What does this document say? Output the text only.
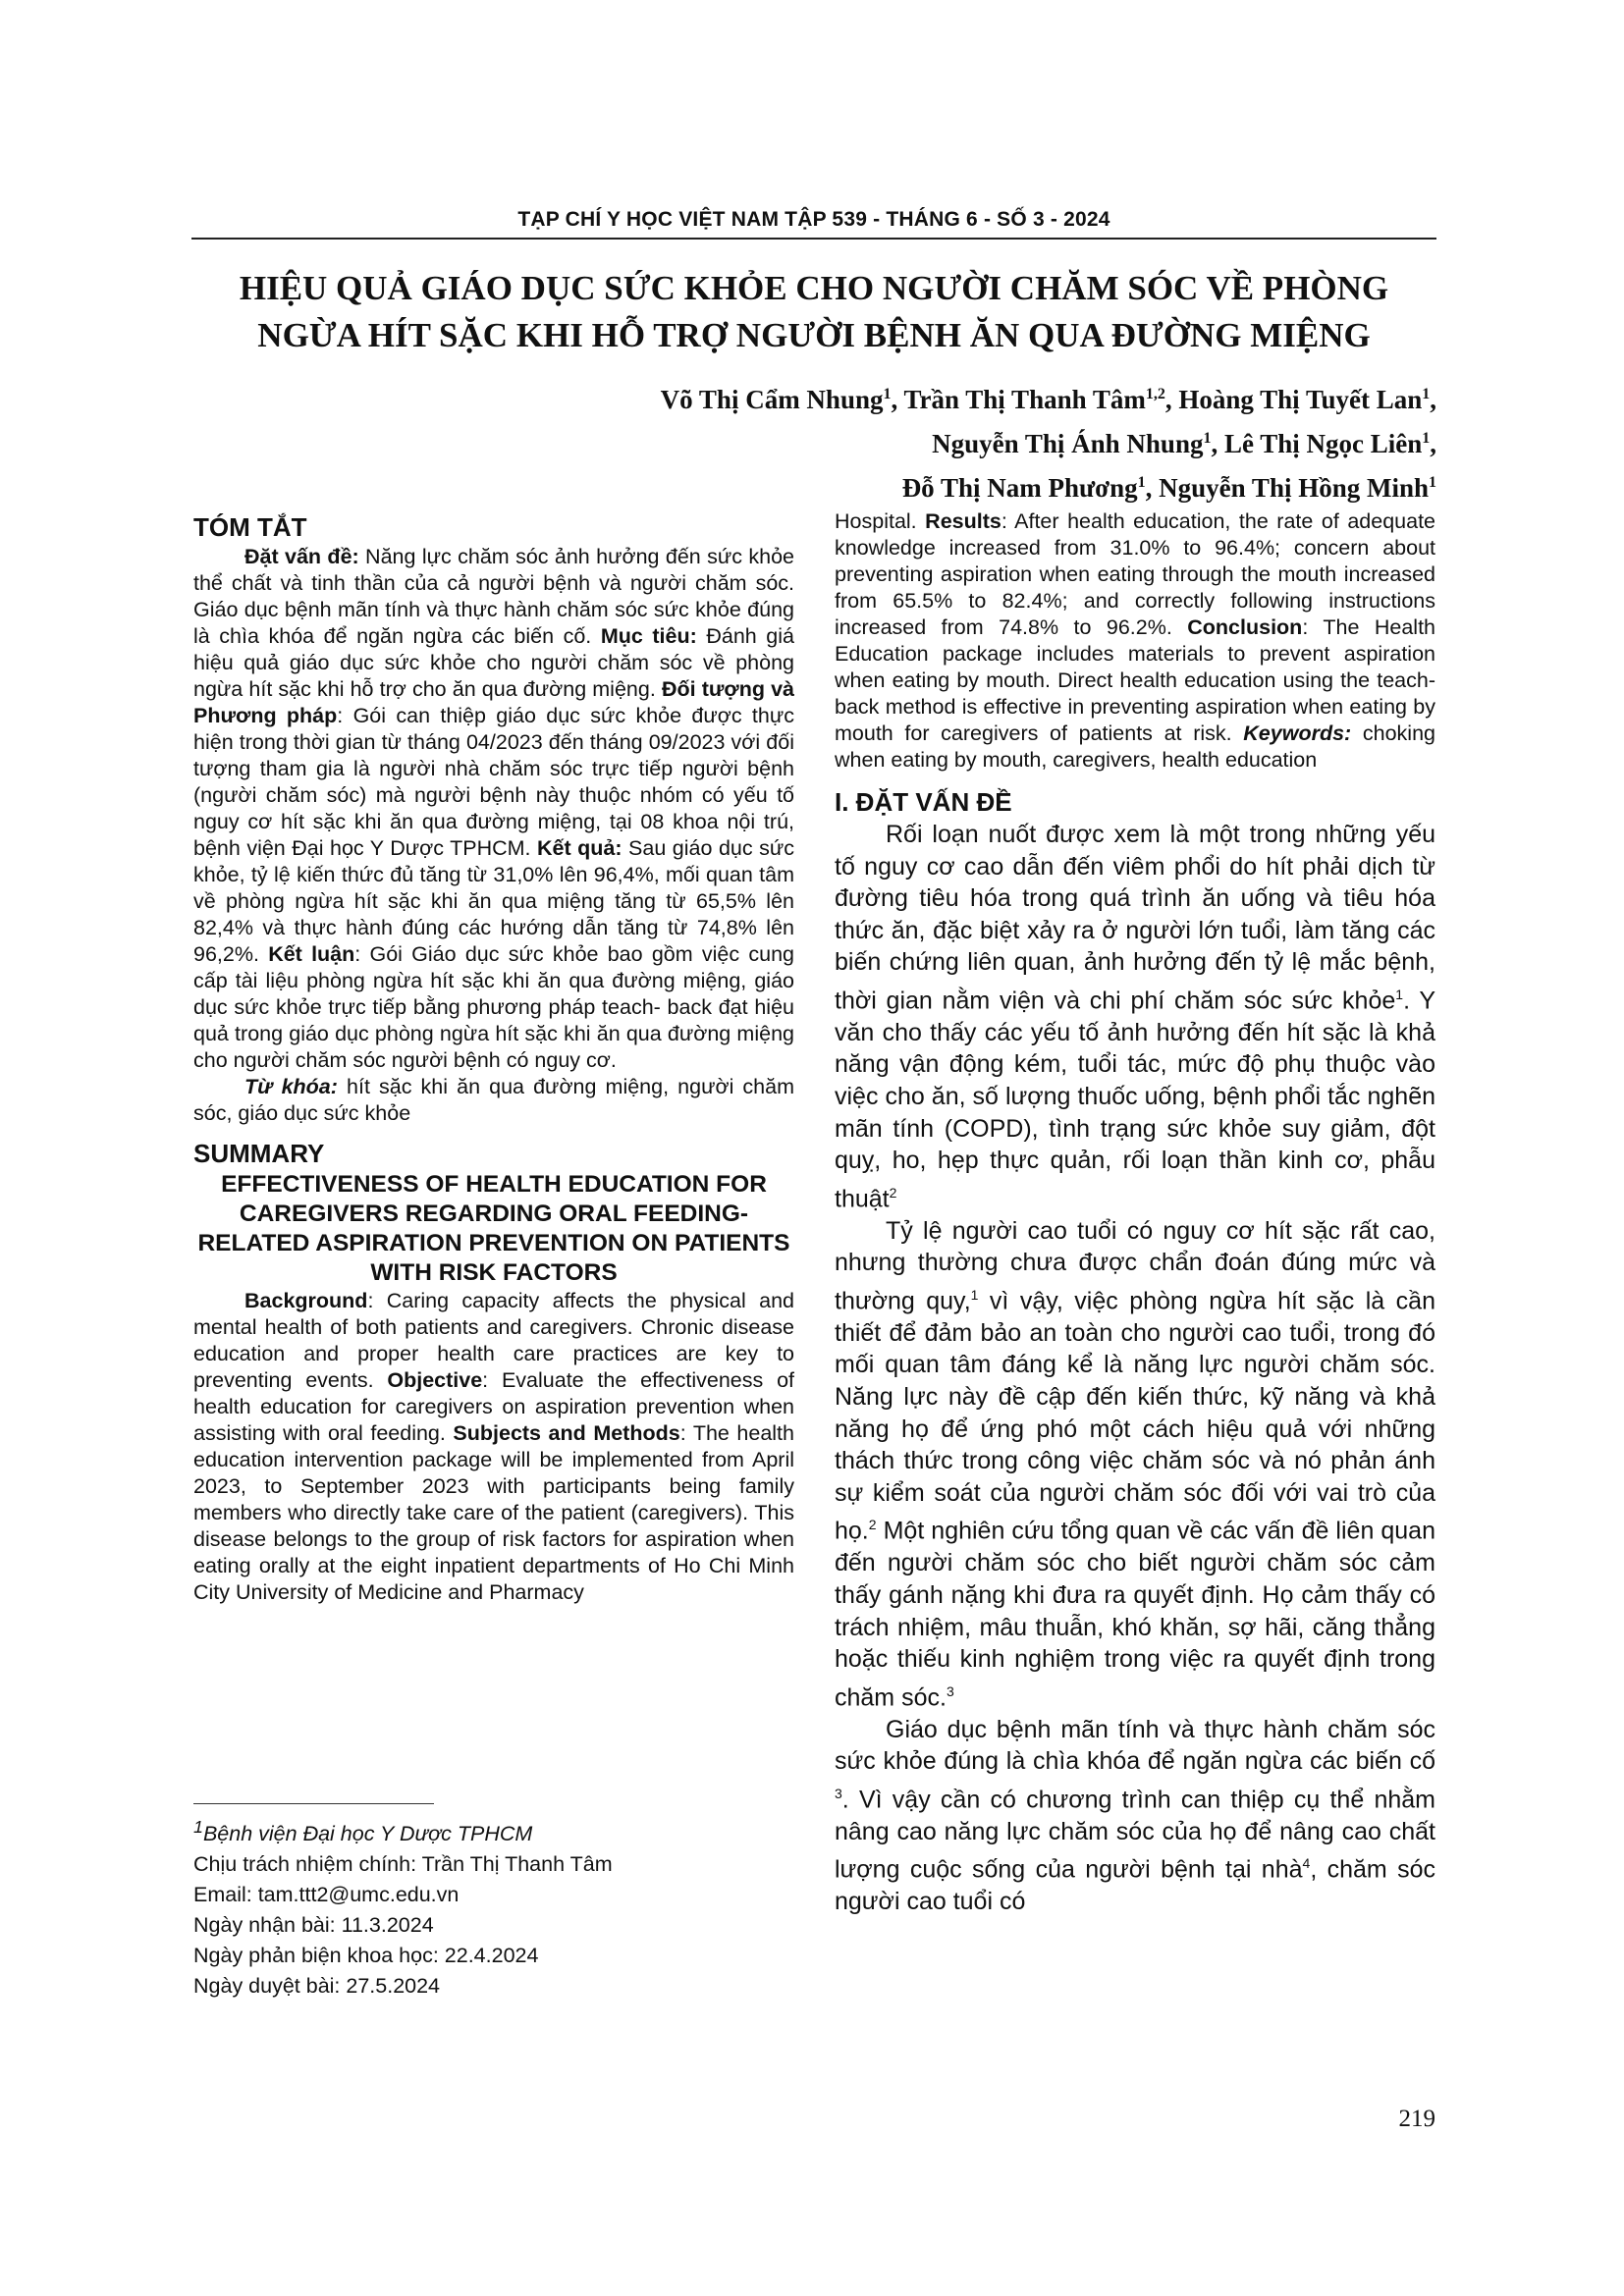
TẠP CHÍ Y HỌC VIỆT NAM TẬP 539 - THÁNG 6 - SỐ 3 - 2024
HIỆU QUẢ GIÁO DỤC SỨC KHỎE CHO NGƯỜI CHĂM SÓC VỀ PHÒNG
NGỪA HÍT SẶC KHI HỖ TRỢ NGƯỜI BỆNH ĂN QUA ĐƯỜNG MIỆNG
Võ Thị Cẩm Nhung$^1$, Trần Thị Thanh Tâm$^{1,2}$, Hoàng Thị Tuyết Lan$^1$,
Nguyễn Thị Ánh Nhung$^1$, Lê Thị Ngọc Liên$^1$,
Đỗ Thị Nam Phương$^1$, Nguyễn Thị Hồng Minh$^1$
TÓM TẮT

Đặt vấn đề: Năng lực chăm sóc ảnh hưởng đến sức khỏe thể chất và tinh thần của cả người bệnh và người chăm sóc. Giáo dục bệnh mãn tính và thực hành chăm sóc sức khỏe đúng là chìa khóa để ngăn ngừa các biến cố. Mục tiêu: Đánh giá hiệu quả giáo dục sức khỏe cho người chăm sóc về phòng ngừa hít sặc khi hỗ trợ cho ăn qua đường miệng. Đối tượng và Phương pháp: Gói can thiệp giáo dục sức khỏe được thực hiện trong thời gian từ tháng 04/2023 đến tháng 09/2023 với đối tượng tham gia là người nhà chăm sóc trực tiếp người bệnh (người chăm sóc) mà người bệnh này thuộc nhóm có yếu tố nguy cơ hít sặc khi ăn qua đường miệng, tại 08 khoa nội trú, bệnh viện Đại học Y Dược TPHCM. Kết quả: Sau giáo dục sức khỏe, tỷ lệ kiến thức đủ tăng từ 31,0% lên 96,4%, mối quan tâm về phòng ngừa hít sặc khi ăn qua miệng tăng từ 65,5% lên 82,4% và thực hành đúng các hướng dẫn tăng từ 74,8% lên 96,2%. Kết luận: Gói Giáo dục sức khỏe bao gồm việc cung cấp tài liệu phòng ngừa hít sặc khi ăn qua đường miệng, giáo dục sức khỏe trực tiếp bằng phương pháp teach- back đạt hiệu quả trong giáo dục phòng ngừa hít sặc khi ăn qua đường miệng cho người chăm sóc người bệnh có nguy cơ.

Từ khóa: hít sặc khi ăn qua đường miệng, người chăm sóc, giáo dục sức khỏe

SUMMARY
EFFECTIVENESS OF HEALTH EDUCATION FOR CAREGIVERS REGARDING ORAL FEEDING-RELATED ASPIRATION PREVENTION ON PATIENTS WITH RISK FACTORS

Background: Caring capacity affects the physical and mental health of both patients and caregivers. Chronic disease education and proper health care practices are key to preventing events. Objective: Evaluate the effectiveness of health education for caregivers on aspiration prevention when assisting with oral feeding. Subjects and Methods: The health education intervention package will be implemented from April 2023, to September 2023 with participants being family members who directly take care of the patient (caregivers). This disease belongs to the group of risk factors for aspiration when eating orally at the eight inpatient departments of Ho Chi Minh City University of Medicine and Pharmacy

$^1$Bệnh viện Đại học Y Dược TPHCM
Chịu trách nhiệm chính: Trần Thị Thanh Tâm
Email: tam.ttt2@umc.edu.vn
Ngày nhận bài: 11.3.2024
Ngày phản biện khoa học: 22.4.2024
Ngày duyệt bài: 27.5.2024

Hospital. Results: After health education, the rate of adequate knowledge increased from 31.0% to 96.4%; concern about preventing aspiration when eating through the mouth increased from 65.5% to 82.4%; and correctly following instructions increased from 74.8% to 96.2%. Conclusion: The Health Education package includes materials to prevent aspiration when eating by mouth. Direct health education using the teach-back method is effective in preventing aspiration when eating by mouth for caregivers of patients at risk. Keywords: choking when eating by mouth, caregivers, health education

I. ĐẶT VẤN ĐỀ

Rối loạn nuốt được xem là một trong những yếu tố nguy cơ cao dẫn đến viêm phổi do hít phải dịch từ đường tiêu hóa trong quá trình ăn uống và tiêu hóa thức ăn, đặc biệt xảy ra ở người lớn tuổi, làm tăng các biến chứng liên quan, ảnh hưởng đến tỷ lệ mắc bệnh, thời gian nằm viện và chi phí chăm sóc sức khỏe$^1$. Y văn cho thấy các yếu tố ảnh hưởng đến hít sặc là khả năng vận động kém, tuổi tác, mức độ phụ thuộc vào việc cho ăn, số lượng thuốc uống, bệnh phổi tắc nghẽn mãn tính (COPD), tình trạng sức khỏe suy giảm, đột quỵ, ho, hẹp thực quản, rối loạn thần kinh cơ, phẫu thuật$^2$

Tỷ lệ người cao tuổi có nguy cơ hít sặc rất cao, nhưng thường chưa được chẩn đoán đúng mức và thường quy,$^1$ vì vậy, việc phòng ngừa hít sặc là cần thiết để đảm bảo an toàn cho người cao tuổi, trong đó mối quan tâm đáng kể là năng lực người chăm sóc. Năng lực này đề cập đến kiến thức, kỹ năng và khả năng họ để ứng phó một cách hiệu quả với những thách thức trong công việc chăm sóc và nó phản ánh sự kiểm soát của người chăm sóc đối với vai trò của họ.$^2$ Một nghiên cứu tổng quan về các vấn đề liên quan đến người chăm sóc cho biết người chăm sóc cảm thấy gánh nặng khi đưa ra quyết định. Họ cảm thấy có trách nhiệm, mâu thuẫn, khó khăn, sợ hãi, căng thẳng hoặc thiếu kinh nghiệm trong việc ra quyết định trong chăm sóc.$^3$

Giáo dục bệnh mãn tính và thực hành chăm sóc sức khỏe đúng là chìa khóa để ngăn ngừa các biến cố $^3$. Vì vậy cần có chương trình can thiệp cụ thể nhằm nâng cao năng lực chăm sóc của họ để nâng cao chất lượng cuộc sống của người bệnh tại nhà$^4$, chăm sóc người cao tuổi có

219
